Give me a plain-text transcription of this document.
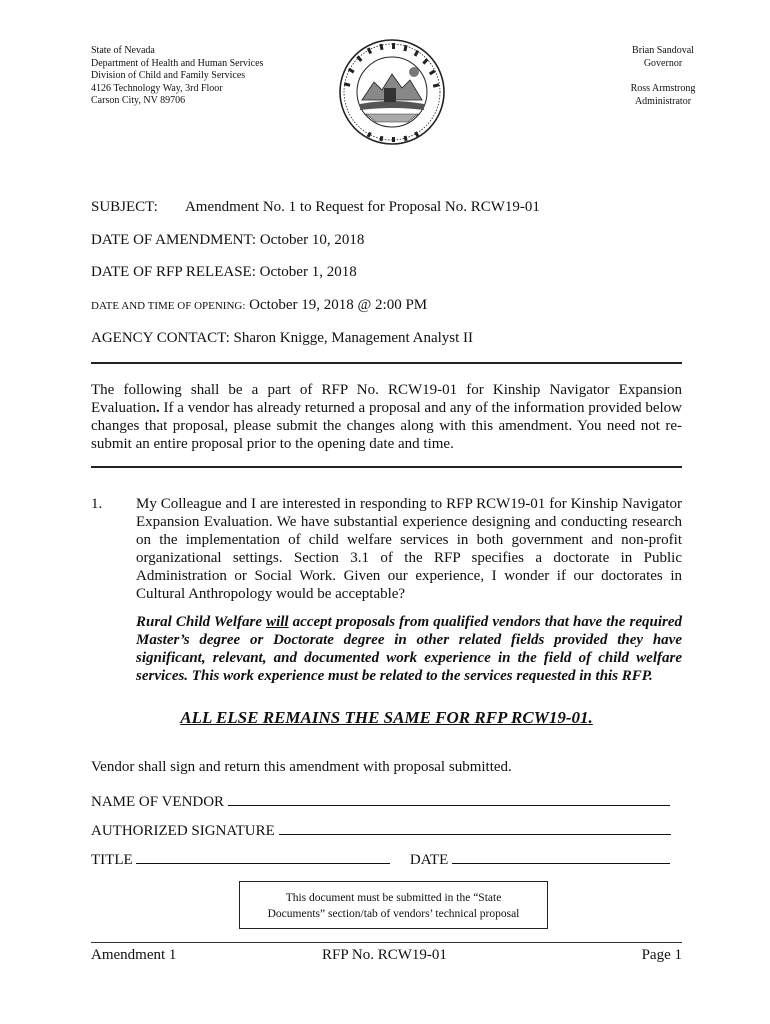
State of Nevada
Department of Health and Human Services
Division of Child and Family Services
4126 Technology Way, 3rd Floor
Carson City, NV 89706
Brian Sandoval
Governor
Ross Armstrong
Administrator
SUBJECT: Amendment No. 1 to Request for Proposal No. RCW19-01
DATE OF AMENDMENT: October 10, 2018
DATE OF RFP RELEASE: October 1, 2018
DATE AND TIME OF OPENING: October 19, 2018 @ 2:00 PM
AGENCY CONTACT: Sharon Knigge, Management Analyst II
The following shall be a part of RFP No. RCW19-01 for Kinship Navigator Expansion Evaluation. If a vendor has already returned a proposal and any of the information provided below changes that proposal, please submit the changes along with this amendment. You need not re-submit an entire proposal prior to the opening date and time.
1. My Colleague and I are interested in responding to RFP RCW19-01 for Kinship Navigator Expansion Evaluation. We have substantial experience designing and conducting research on the implementation of child welfare services in both government and non-profit organizational settings. Section 3.1 of the RFP specifies a doctorate in Public Administration or Social Work. Given our experience, I wonder if our doctorates in Cultural Anthropology would be acceptable?
Rural Child Welfare will accept proposals from qualified vendors that have the required Master’s degree or Doctorate degree in other related fields provided they have significant, relevant, and documented work experience in the field of child welfare services. This work experience must be related to the services requested in this RFP.
ALL ELSE REMAINS THE SAME FOR RFP RCW19-01.
Vendor shall sign and return this amendment with proposal submitted.
NAME OF VENDOR
AUTHORIZED SIGNATURE
TITLE	DATE
This document must be submitted in the “State
Documents” section/tab of vendors’ technical proposal
Amendment 1	RFP No. RCW19-01	Page 1
